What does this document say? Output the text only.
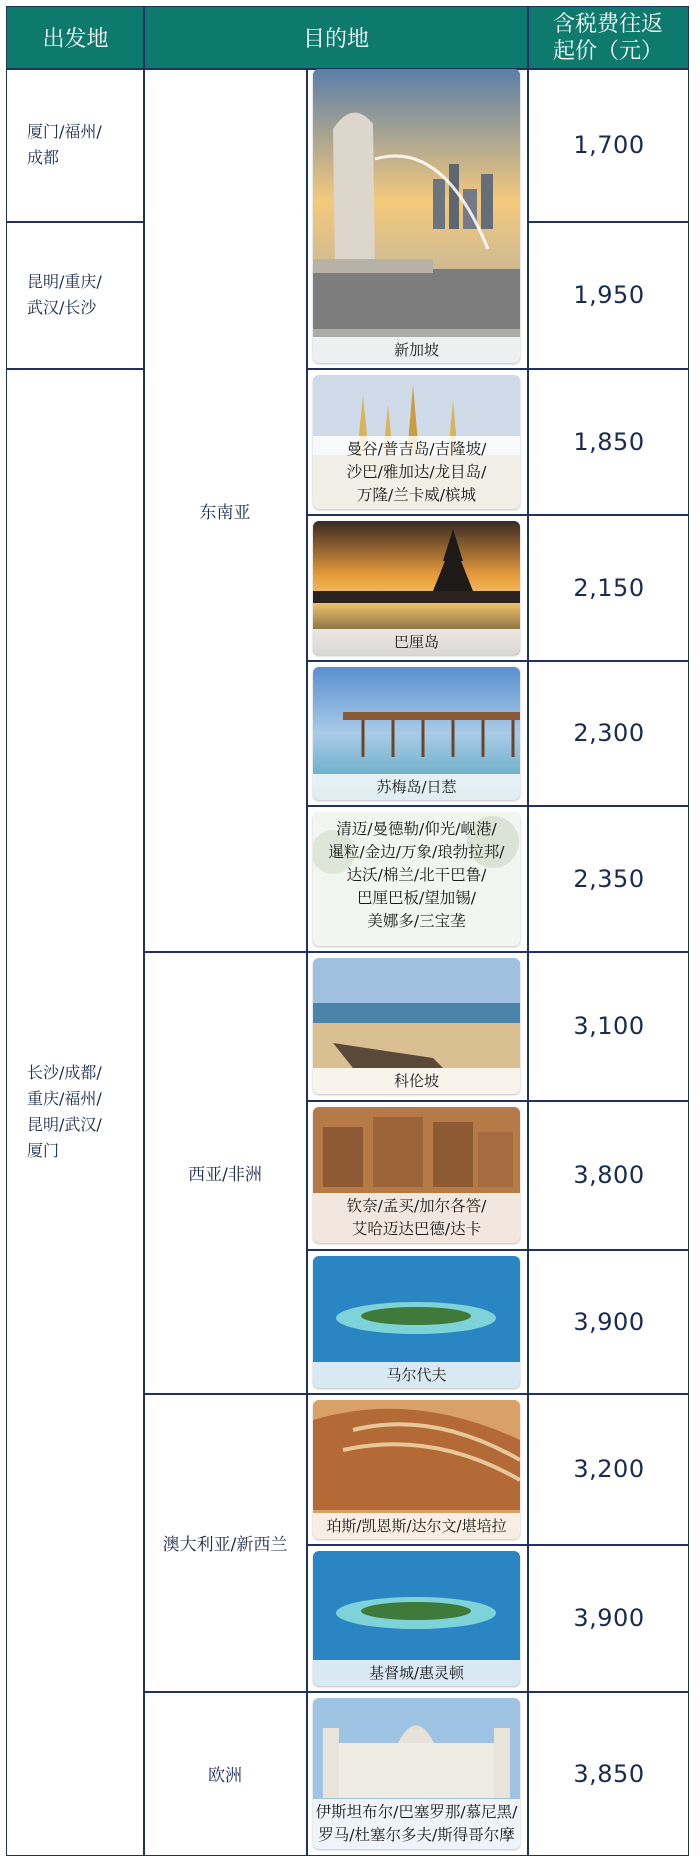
出发地	目的地
含税费往返
起价（元）
厦门/福州/
成都
昆明/重庆/
武汉/长沙
长沙/成都/
重庆/福州/
昆明/武汉/
厦门
东南亚
西亚/非洲
澳大利亚/新西兰
欧洲
1,700
1,950
1,850
2,150
2,300
2,350
3,100
3,800
3,900
3,200
3,900
3,850
新加坡
曼谷/普吉岛/吉隆坡/
沙巴/雅加达/龙目岛/
万隆/兰卡威/槟城
巴厘岛
苏梅岛/日惹
清迈/曼德勒/仰光/岘港/
暹粒/金边/万象/琅勃拉邦/
达沃/棉兰/北干巴鲁/
巴厘巴板/望加锡/
美娜多/三宝垄
科伦坡
钦奈/孟买/加尔各答/
艾哈迈达巴德/达卡
马尔代夫
珀斯/凯恩斯/达尔文/堪培拉
基督城/惠灵顿
伊斯坦布尔/巴塞罗那/慕尼黑/
罗马/杜塞尔多夫/斯得哥尔摩
